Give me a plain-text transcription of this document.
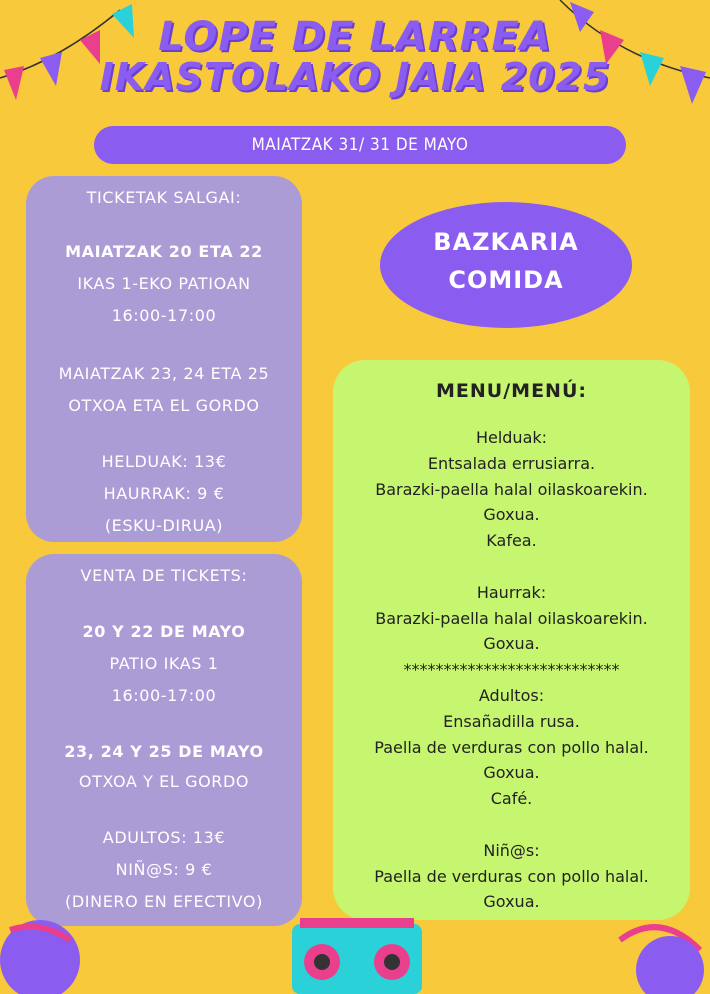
LOPE DE LARREA
IKASTOLAKO JAIA 2025
MAIATZAK 31/ 31 DE MAYO
TICKETAK SALGAI:
MAIATZAK 20 ETA 22
IKAS 1-EKO PATIOAN
16:00-17:00
MAIATZAK 23, 24 ETA 25
OTXOA ETA EL GORDO
HELDUAK: 13€
HAURRAK: 9 €
(ESKU-DIRUA)
VENTA DE TICKETS:
20 Y 22 DE MAYO
PATIO IKAS 1
16:00-17:00
23, 24 Y 25 DE MAYO
OTXOA Y EL GORDO
ADULTOS: 13€
NIÑ@S: 9 €
(DINERO EN EFECTIVO)
BAZKARIA
COMIDA
MENU/MENÚ:
Helduak:
Entsalada errusiarra.
Barazki-paella halal oilaskoarekin.
Goxua.
Kafea.
Haurrak:
Barazki-paella halal oilaskoarekin.
Goxua.
***************************
Adultos:
Ensañadilla rusa.
Paella de verduras con pollo halal.
Goxua.
Café.
Niñ@s:
Paella de verduras con pollo halal.
Goxua.
